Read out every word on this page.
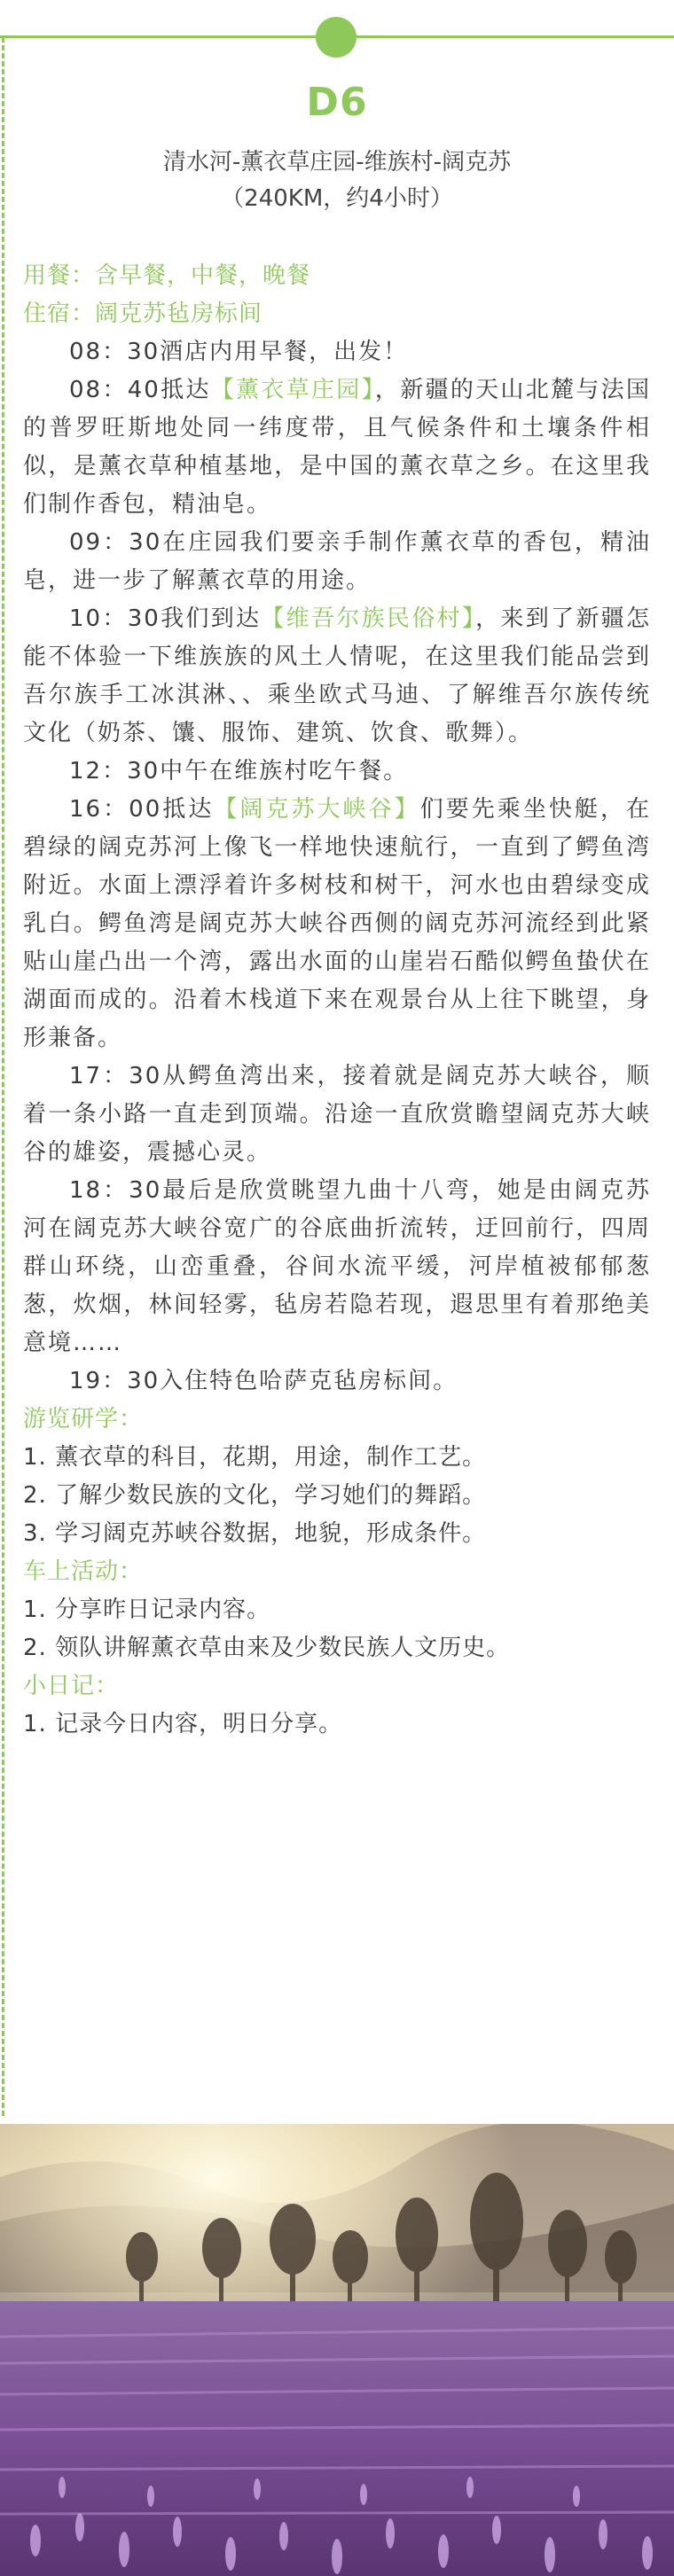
D6
清水河-薰衣草庄园-维族村-阔克苏
（240KM，约4小时）

用餐：含早餐，中餐，晚餐

住宿：阔克苏毡房标间

08：30酒店内用早餐，出发！

08：40抵达【薰衣草庄园】，新疆的天山北麓与法国的普罗旺斯地处同一纬度带，且气候条件和土壤条件相似，是薰衣草种植基地，是中国的薰衣草之乡。在这里我们制作香包，精油皂。

09：30在庄园我们要亲手制作薰衣草的香包，精油皂，进一步了解薰衣草的用途。

10：30我们到达【维吾尔族民俗村】，来到了新疆怎能不体验一下维族族的风土人情呢，在这里我们能品尝到吾尔族手工冰淇淋、、乘坐欧式马迪、了解维吾尔族传统文化（奶茶、馕、服饰、建筑、饮食、歌舞）。

12：30中午在维族村吃午餐。

16：00抵达【阔克苏大峡谷】们要先乘坐快艇，在碧绿的阔克苏河上像飞一样地快速航行，一直到了鳄鱼湾附近。水面上漂浮着许多树枝和树干，河水也由碧绿变成乳白。鳄鱼湾是阔克苏大峡谷西侧的阔克苏河流经到此紧贴山崖凸出一个湾，露出水面的山崖岩石酷似鳄鱼蛰伏在湖面而成的。沿着木栈道下来在观景台从上往下眺望，身形兼备。

17：30从鳄鱼湾出来，接着就是阔克苏大峡谷，顺着一条小路一直走到顶端。沿途一直欣赏瞻望阔克苏大峡谷的雄姿，震撼心灵。

18：30最后是欣赏眺望九曲十八弯，她是由阔克苏河在阔克苏大峡谷宽广的谷底曲折流转，迂回前行，四周群山环绕，山峦重叠，谷间水流平缓，河岸植被郁郁葱葱，炊烟，林间轻雾，毡房若隐若现，遐思里有着那绝美意境……

19：30入住特色哈萨克毡房标间。

游览研学：

1. 薰衣草的科目，花期，用途，制作工艺。

2. 了解少数民族的文化，学习她们的舞蹈。

3. 学习阔克苏峡谷数据，地貌，形成条件。

车上活动：

1. 分享昨日记录内容。

2. 领队讲解薰衣草由来及少数民族人文历史。

小日记：

1. 记录今日内容，明日分享。
